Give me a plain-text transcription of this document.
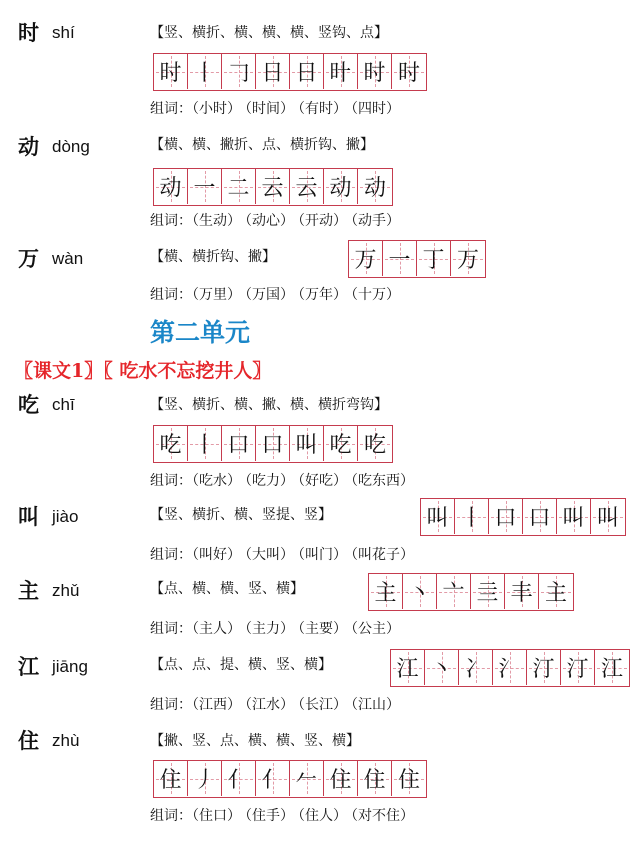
时 shí	【竖、横折、横、横、横、竖钩、点】
时 丨 𠃌 日 日 旪 时 时
组词：（小时） （时间） （有时） （四时）
动 dòng	【横、横、撇折、点、横折钩、撇】
动 一 二 云 云 动 动
组词：（生动） （动心） （开动） （动手）
万 wàn	【横、横折钩、撇】	万 一 丁 万
组词：（万里） （万国） （万年） （十万）
第二单元
〖课文1〗〖 吃水不忘挖井人〗
吃 chī	【竖、横折、横、撇、横、横折弯钩】
吃 丨 口 口 叫 吃 吃
组词：（吃水） （吃力） （好吃） （吃东西）
叫 jiào	【竖、横折、横、竖提、竖】	叫 丨 口 口 叫 叫
组词：（叫好） （大叫） （叫门） （叫花子）
主 zhǔ	【点、横、横、竖、横】	主 丶 亠 亖 丰 主
组词：（主人） （主力） （主要） （公主）
江 jiāng	【点、点、提、横、竖、横】	江 丶 冫 氵 汀 汀 江
组词：（江西） （江水） （长江） （江山）
住 zhù	【撇、竖、点、横、横、竖、横】
住 丿 亻 亻 𠂉 住 住 住
组词：（住口） （住手） （住人） （对不住）
